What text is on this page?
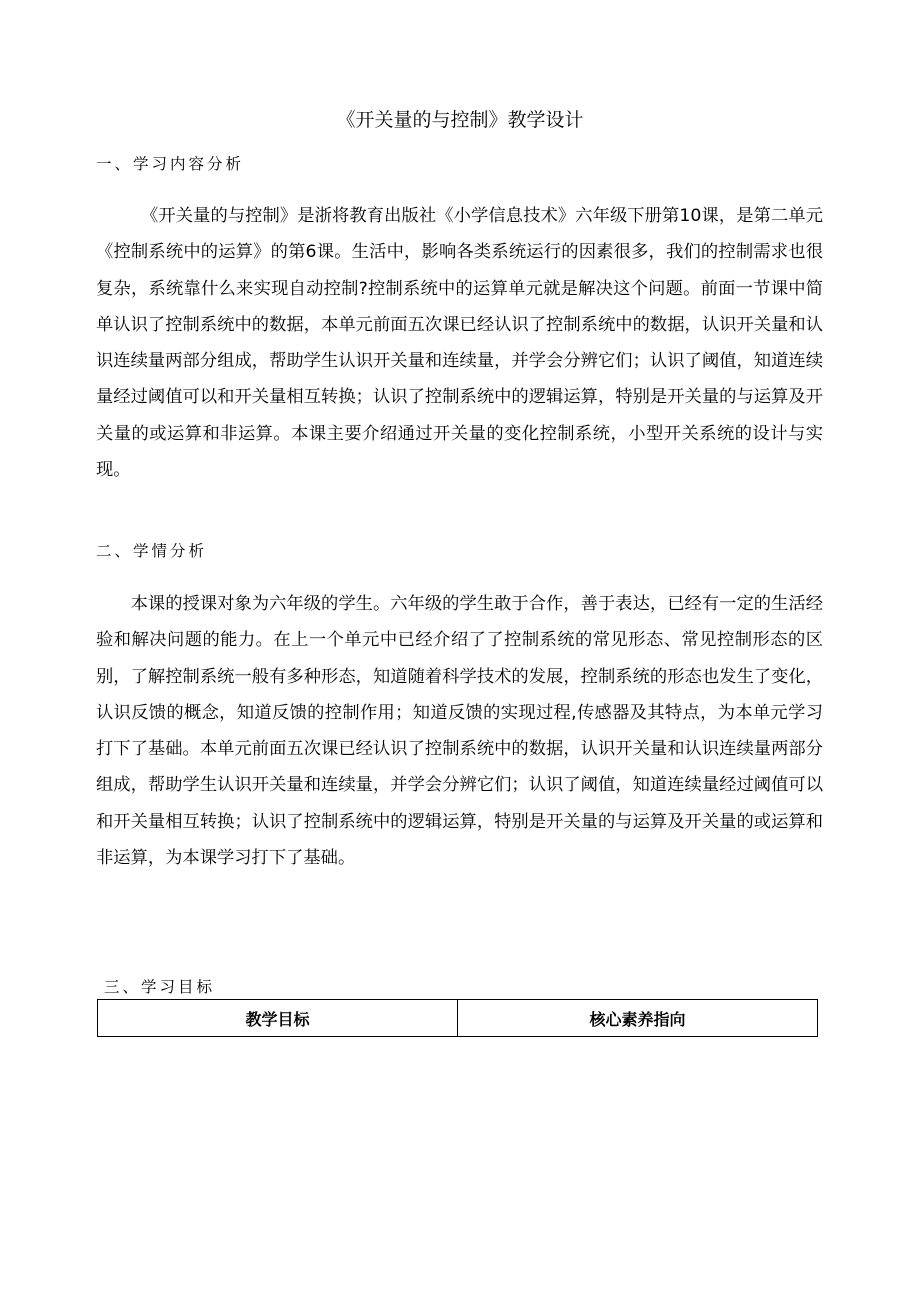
《开关量的与控制》教学设计
一、学习内容分析

《开关量的与控制》是浙将教育出版社《小学信息技术》六年级下册第10课，是第二单元《控制系统中的运算》的第6课。生活中，影响各类系统运行的因素很多，我们的控制需求也很复杂，系统靠什么来实现自动控制?控制系统中的运算单元就是解决这个问题。前面一节课中简单认识了控制系统中的数据，本单元前面五次课已经认识了控制系统中的数据，认识开关量和认识连续量两部分组成，帮助学生认识开关量和连续量，并学会分辨它们；认识了阈值，知道连续量经过阈值可以和开关量相互转换；认识了控制系统中的逻辑运算，特别是开关量的与运算及开关量的或运算和非运算。本课主要介绍通过开关量的变化控制系统，小型开关系统的设计与实现。

二、学情分析

本课的授课对象为六年级的学生。六年级的学生敢于合作，善于表达，已经有一定的生活经验和解决问题的能力。在上一个单元中已经介绍了了控制系统的常见形态、常见控制形态的区别，了解控制系统一般有多种形态，知道随着科学技术的发展，控制系统的形态也发生了变化，认识反馈的概念，知道反馈的控制作用；知道反馈的实现过程,传感器及其特点，为本单元学习打下了基础。本单元前面五次课已经认识了控制系统中的数据，认识开关量和认识连续量两部分组成，帮助学生认识开关量和连续量，并学会分辨它们；认识了阈值，知道连续量经过阈值可以和开关量相互转换；认识了控制系统中的逻辑运算，特别是开关量的与运算及开关量的或运算和非运算，为本课学习打下了基础。

三、学习目标
教学目标	核心素养指向
